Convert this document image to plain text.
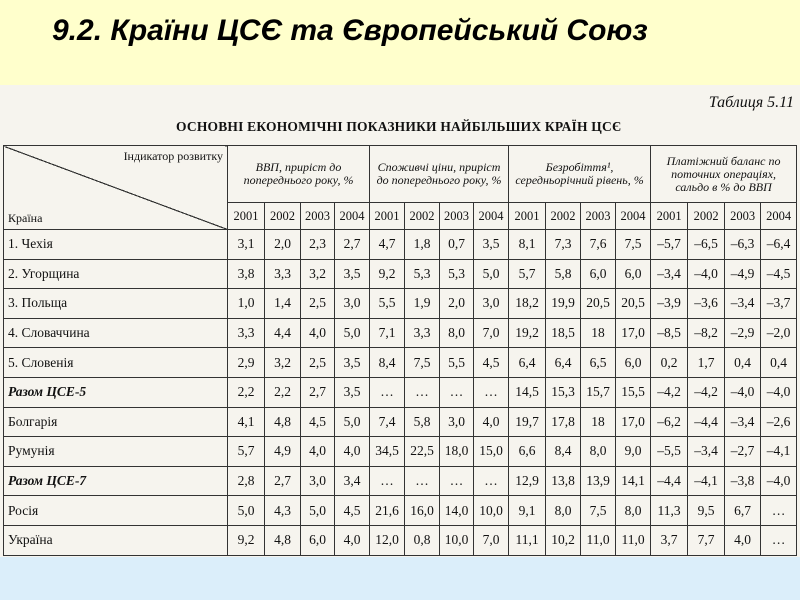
9.2. Країни ЦСЄ та Європейський Союз
Таблиця 5.11
ОСНОВНІ ЕКОНОМІЧНІ ПОКАЗНИКИ НАЙБІЛЬШИХ КРАЇН ЦСЄ
Індикатор розвитку
Країна	ВВП, приріст до попереднього року, %				Споживчі ціни, приріст до попереднього року, %				Безробіття¹, середньорічний рівень, %				Платіжний баланс по поточних операціях, сальдо в % до ВВП			
	2001	2002	2003	2004	2001	2002	2003	2004	2001	2002	2003	2004	2001	2002	2003	2004
1. Чехія	3,1	2,0	2,3	2,7	4,7	1,8	0,7	3,5	8,1	7,3	7,6	7,5	–5,7	–6,5	–6,3	–6,4
2. Угорщина	3,8	3,3	3,2	3,5	9,2	5,3	5,3	5,0	5,7	5,8	6,0	6,0	–3,4	–4,0	–4,9	–4,5
3. Польща	1,0	1,4	2,5	3,0	5,5	1,9	2,0	3,0	18,2	19,9	20,5	20,5	–3,9	–3,6	–3,4	–3,7
4. Словаччина	3,3	4,4	4,0	5,0	7,1	3,3	8,0	7,0	19,2	18,5	18	17,0	–8,5	–8,2	–2,9	–2,0
5. Словенія	2,9	3,2	2,5	3,5	8,4	7,5	5,5	4,5	6,4	6,4	6,5	6,0	0,2	1,7	0,4	0,4
Разом ЦСЕ-5	2,2	2,2	2,7	3,5	…	…	…	…	14,5	15,3	15,7	15,5	–4,2	–4,2	–4,0	–4,0
Болгарія	4,1	4,8	4,5	5,0	7,4	5,8	3,0	4,0	19,7	17,8	18	17,0	–6,2	–4,4	–3,4	–2,6
Румунія	5,7	4,9	4,0	4,0	34,5	22,5	18,0	15,0	6,6	8,4	8,0	9,0	–5,5	–3,4	–2,7	–4,1
Разом ЦСЕ-7	2,8	2,7	3,0	3,4	…	…	…	…	12,9	13,8	13,9	14,1	–4,4	–4,1	–3,8	–4,0
Росія	5,0	4,3	5,0	4,5	21,6	16,0	14,0	10,0	9,1	8,0	7,5	8,0	11,3	9,5	6,7	…
Україна	9,2	4,8	6,0	4,0	12,0	0,8	10,0	7,0	11,1	10,2	11,0	11,0	3,7	7,7	4,0	…
